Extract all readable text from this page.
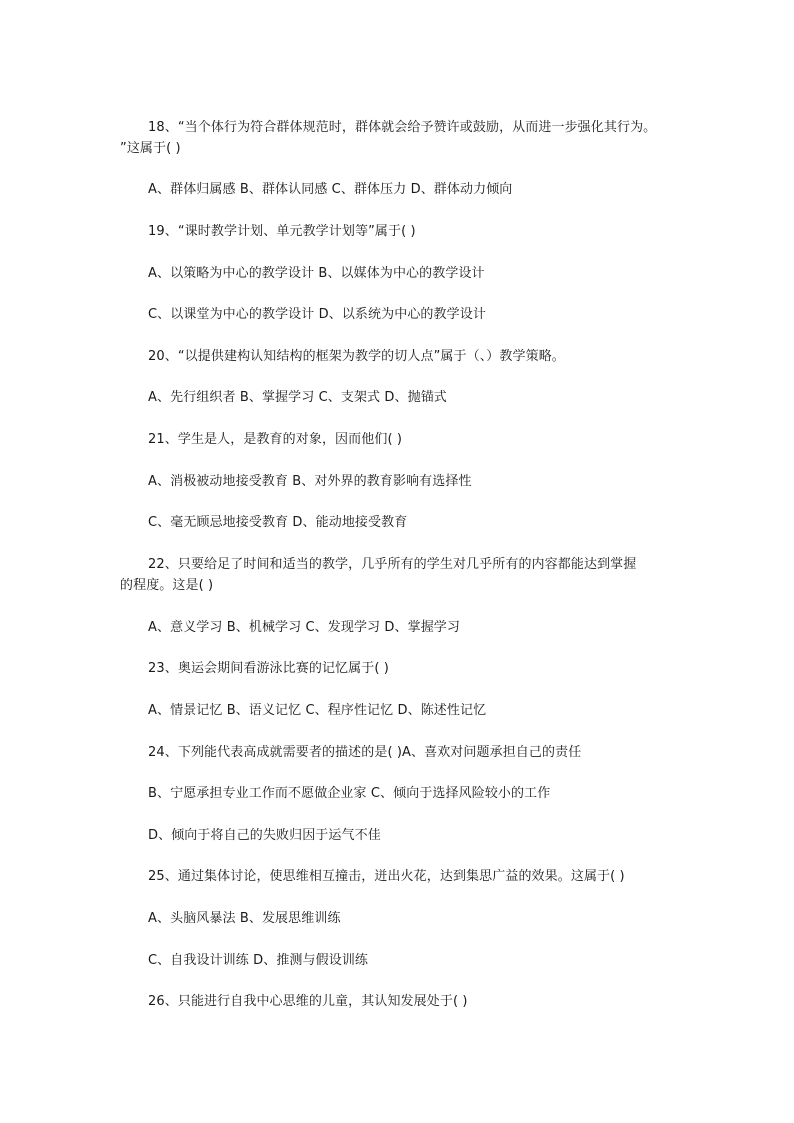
18、“当个体行为符合群体规范时，群体就会给予赞许或鼓励，从而进一步强化其行为。
”这属于( )
A、群体归属感 B、群体认同感 C、群体压力 D、群体动力倾向
19、“课时教学计划、单元教学计划等”属于( )
A、以策略为中心的教学设计 B、以媒体为中心的教学设计
C、以课堂为中心的教学设计 D、以系统为中心的教学设计
20、“以提供建构认知结构的框架为教学的切人点”属于（、）教学策略。
A、先行组织者 B、掌握学习 C、支架式 D、抛锚式
21、学生是人，是教育的对象，因而他们( )
A、消极被动地接受教育 B、对外界的教育影响有选择性
C、毫无顾忌地接受教育 D、能动地接受教育
22、只要给足了时间和适当的教学，几乎所有的学生对几乎所有的内容都能达到掌握
的程度。这是( )
A、意义学习 B、机械学习 C、发现学习 D、掌握学习
23、奥运会期间看游泳比赛的记忆属于( )
A、情景记忆 B、语义记忆 C、程序性记忆 D、陈述性记忆
24、下列能代表高成就需要者的描述的是( )A、喜欢对问题承担自己的责任
B、宁愿承担专业工作而不愿做企业家 C、倾向于选择风险较小的工作
D、倾向于将自己的失败归因于运气不佳
25、通过集体讨论，使思维相互撞击，迸出火花，达到集思广益的效果。这属于( )
A、头脑风暴法 B、发展思维训练
C、自我设计训练 D、推测与假设训练
26、只能进行自我中心思维的儿童，其认知发展处于( )
